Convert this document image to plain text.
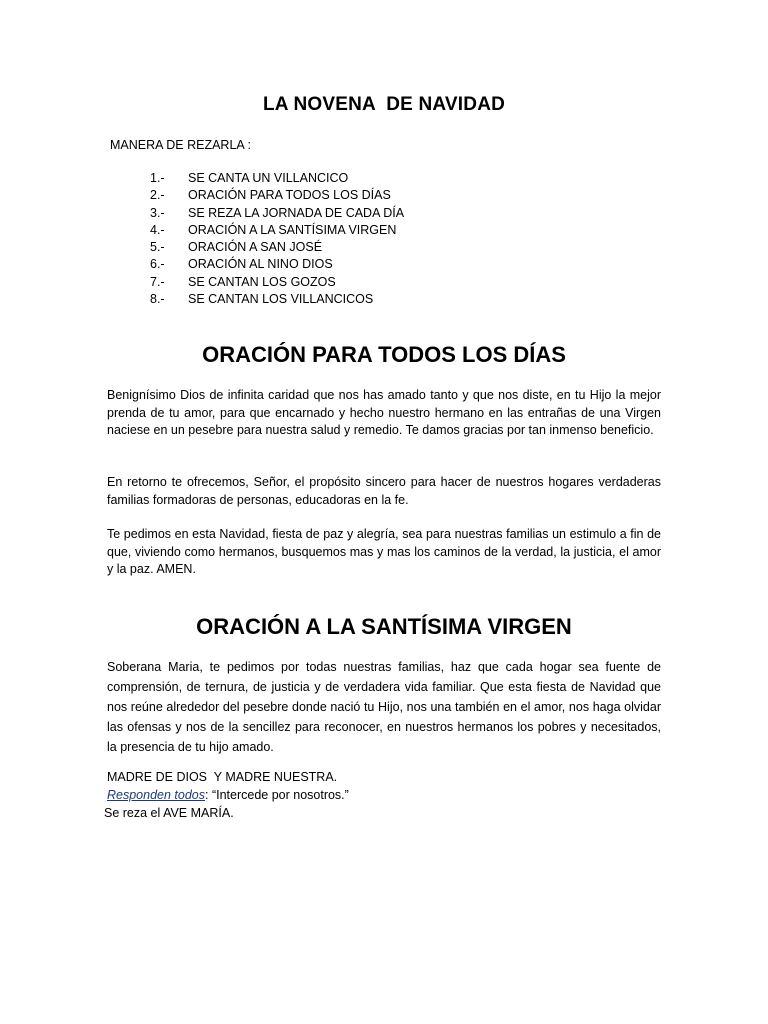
LA NOVENA  DE NAVIDAD
MANERA DE REZARLA :
1.- SE CANTA UN VILLANCICO
2.- ORACIÓN PARA TODOS LOS DÍAS
3.- SE REZA LA JORNADA DE CADA DÍA
4.- ORACIÓN A LA SANTÍSIMA VIRGEN
5.- ORACIÓN A SAN JOSÉ
6.- ORACIÓN AL NINO DIOS
7.- SE CANTAN LOS GOZOS
8.- SE CANTAN LOS VILLANCICOS
ORACIÓN PARA TODOS LOS DÍAS
Benignísimo Dios de infinita caridad que nos has amado tanto y que nos diste, en tu Hijo la mejor prenda de tu amor, para que encarnado y hecho nuestro hermano en las entrañas de una Virgen naciese en un pesebre para nuestra salud y remedio. Te damos gracias por tan inmenso beneficio.
En retorno te ofrecemos, Señor, el propósito sincero para hacer de nuestros hogares verdaderas familias formadoras de personas, educadoras en la fe.
Te pedimos en esta Navidad, fiesta de paz y alegría, sea para nuestras familias un estimulo a fin de que, viviendo como hermanos, busquemos mas y mas los caminos de la verdad, la justicia, el amor y la paz. AMEN.
ORACIÓN A LA SANTÍSIMA VIRGEN
Soberana Maria, te pedimos por todas nuestras familias, haz que cada hogar sea fuente de comprensión, de ternura, de justicia y de verdadera vida familiar. Que esta fiesta de Navidad que nos reúne alrededor del pesebre donde nació tu Hijo, nos una también en el amor, nos haga olvidar las ofensas y nos de la sencillez para reconocer, en nuestros hermanos los pobres y necesitados, la presencia de tu hijo amado.
MADRE DE DIOS  Y MADRE NUESTRA.
Responden todos: “Intercede por nosotros.”
Se reza el AVE MARÍA.
